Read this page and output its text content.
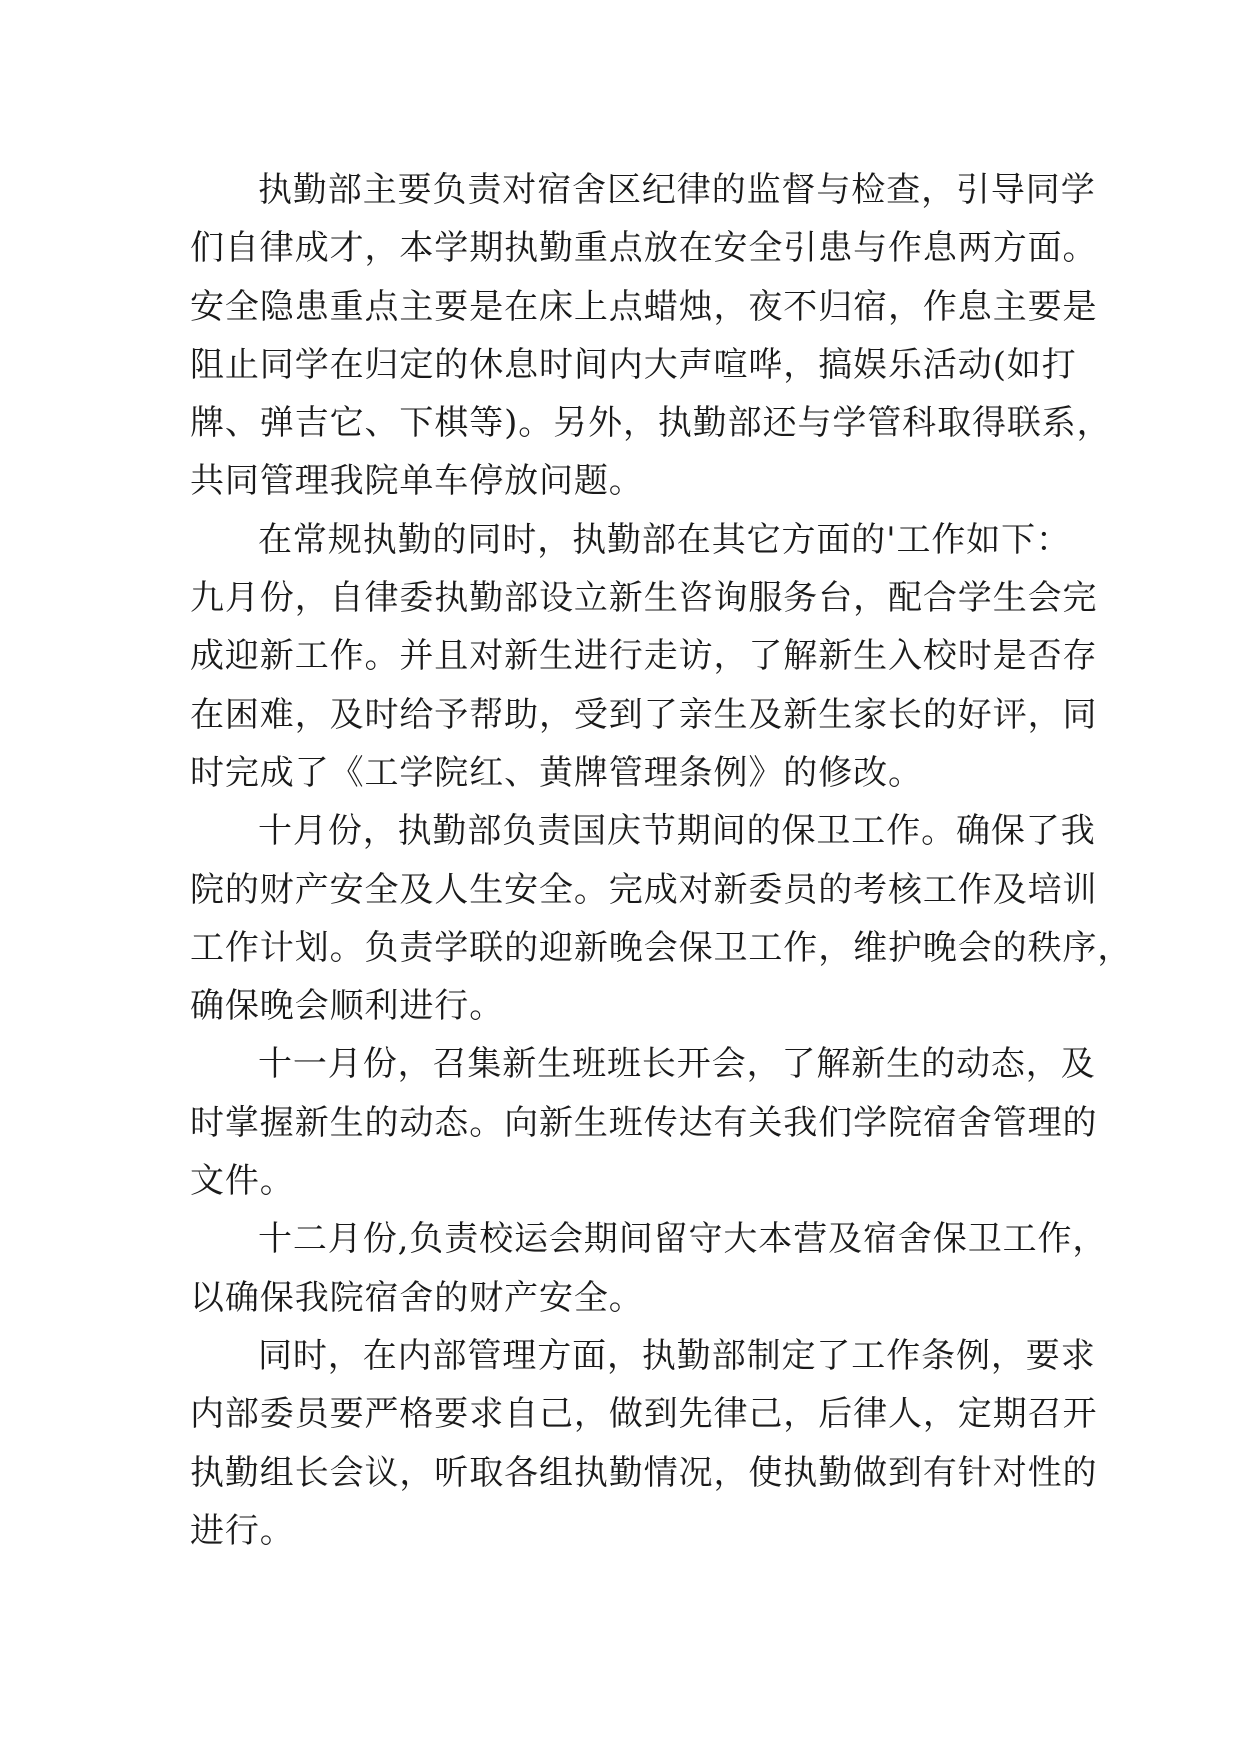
执勤部主要负责对宿舍区纪律的监督与检查，引导同学
们自律成才，本学期执勤重点放在安全引患与作息两方面。
安全隐患重点主要是在床上点蜡烛，夜不归宿，作息主要是
阻止同学在归定的休息时间内大声喧哗，搞娱乐活动(如打
牌、弹吉它、下棋等)。另外，执勤部还与学管科取得联系，
共同管理我院单车停放问题。
在常规执勤的同时，执勤部在其它方面的'工作如下：
九月份，自律委执勤部设立新生咨询服务台，配合学生会完
成迎新工作。并且对新生进行走访，了解新生入校时是否存
在困难，及时给予帮助，受到了亲生及新生家长的好评，同
时完成了《工学院红、黄牌管理条例》的修改。
十月份，执勤部负责国庆节期间的保卫工作。确保了我
院的财产安全及人生安全。完成对新委员的考核工作及培训
工作计划。负责学联的迎新晚会保卫工作，维护晚会的秩序，
确保晚会顺利进行。
十一月份，召集新生班班长开会，了解新生的动态，及
时掌握新生的动态。向新生班传达有关我们学院宿舍管理的
文件。
十二月份,负责校运会期间留守大本营及宿舍保卫工作，
以确保我院宿舍的财产安全。
同时，在内部管理方面，执勤部制定了工作条例，要求
内部委员要严格要求自己，做到先律己，后律人，定期召开
执勤组长会议，听取各组执勤情况，使执勤做到有针对性的
进行。
